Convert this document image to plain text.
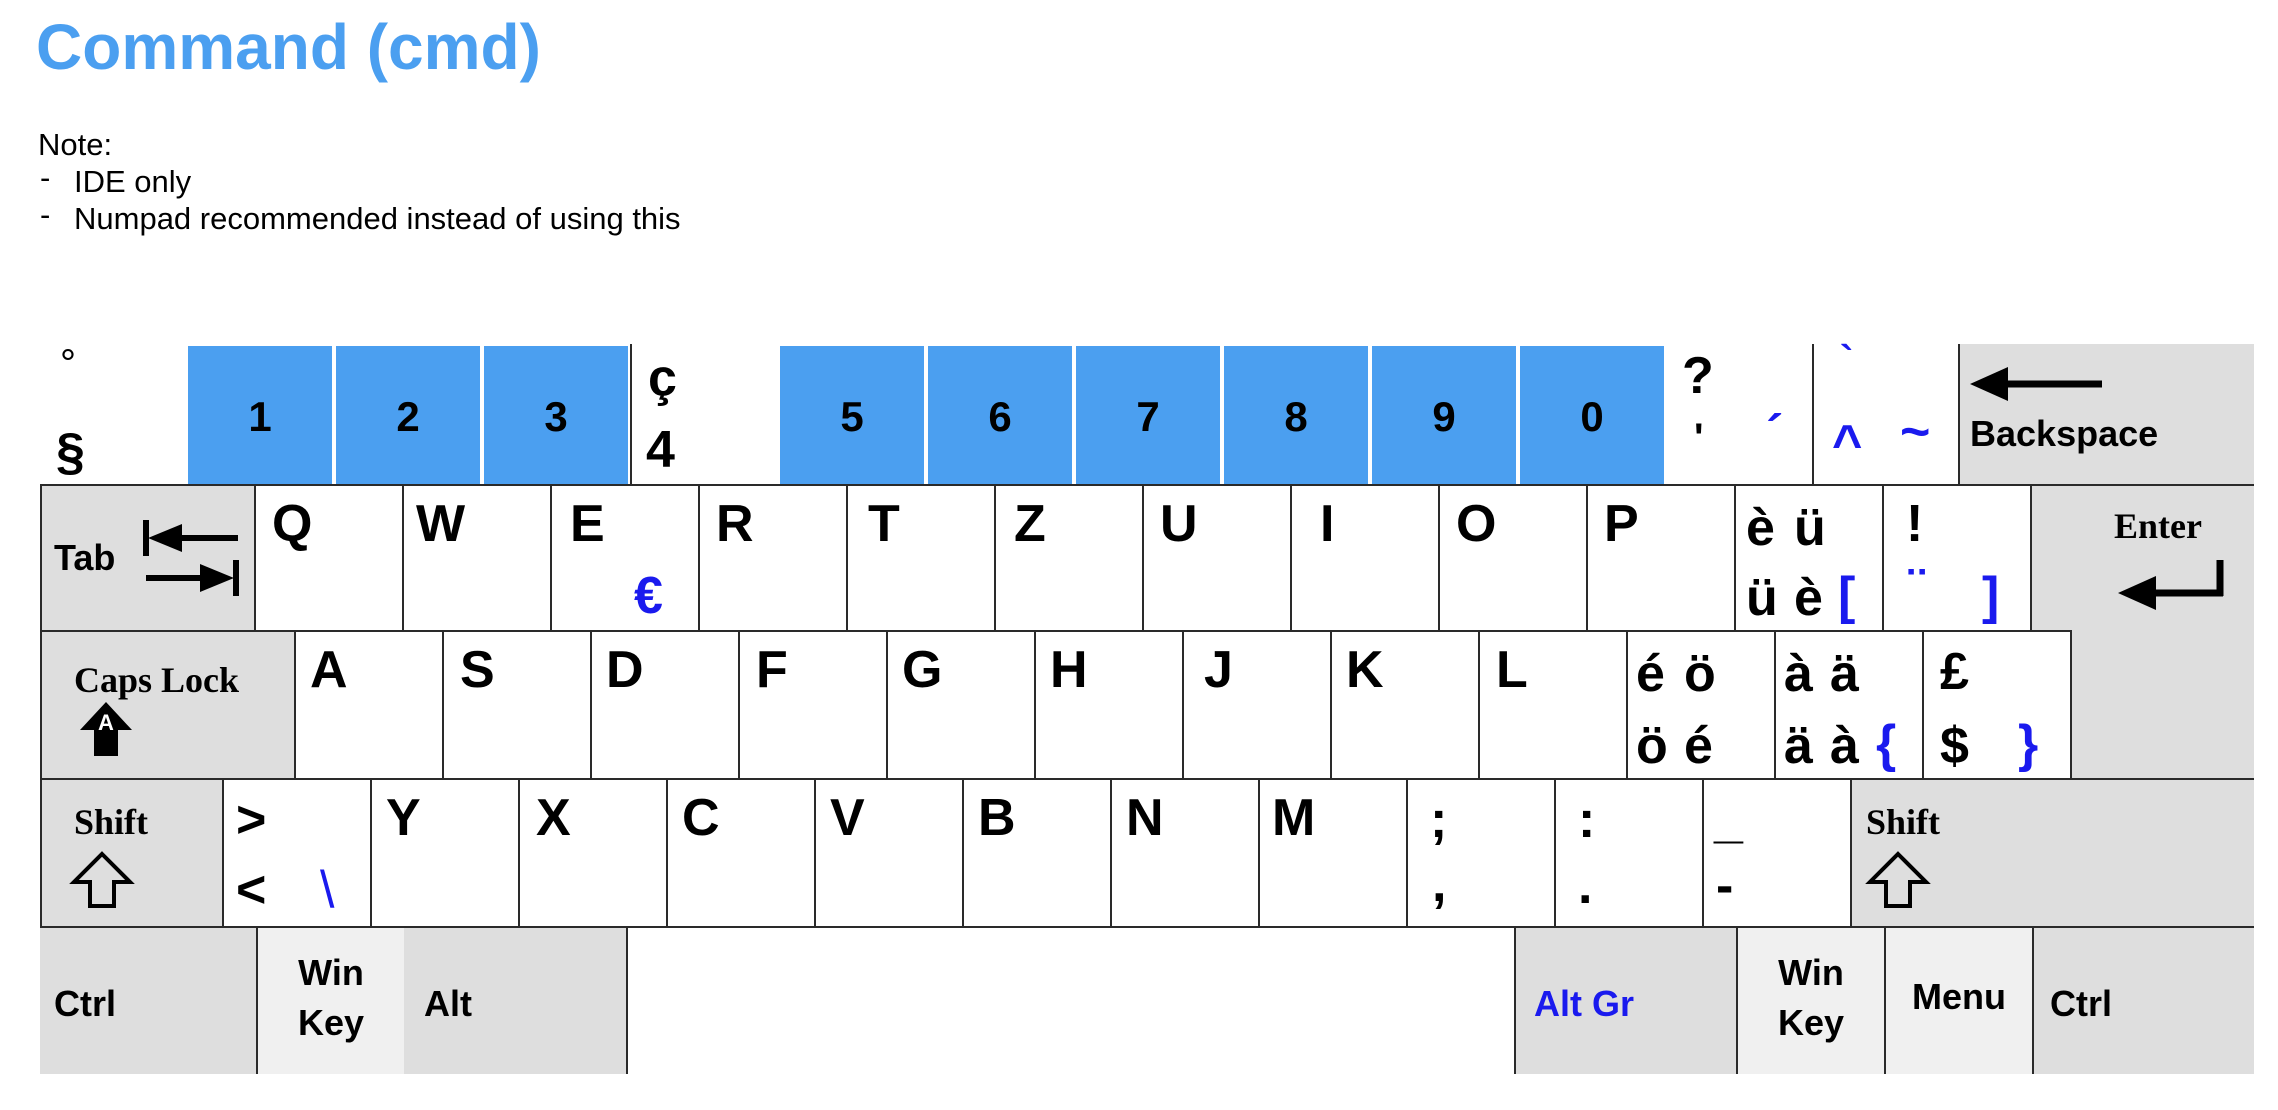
Command (cmd)
Note:
- IDE only
- Numpad recommended instead of using this
°
§
1	2	3
ç
4
5	6	7	8	9	0
?
' ´
`
^ ~ Backspace
Tab
Q W E
€
R T Z U I O P è ü
ü è [
!
¨ ]
Enter
Caps Lock
A
A S D F G H J K L é ö
ö é
à ä
ä à {
£
$ }
Shift >
< \
Y X C V B N M ;
,
:
.
_
-
Shift
Ctrl
Win
Key	Alt	Alt Gr
Win
Key
Menu	Ctrl
